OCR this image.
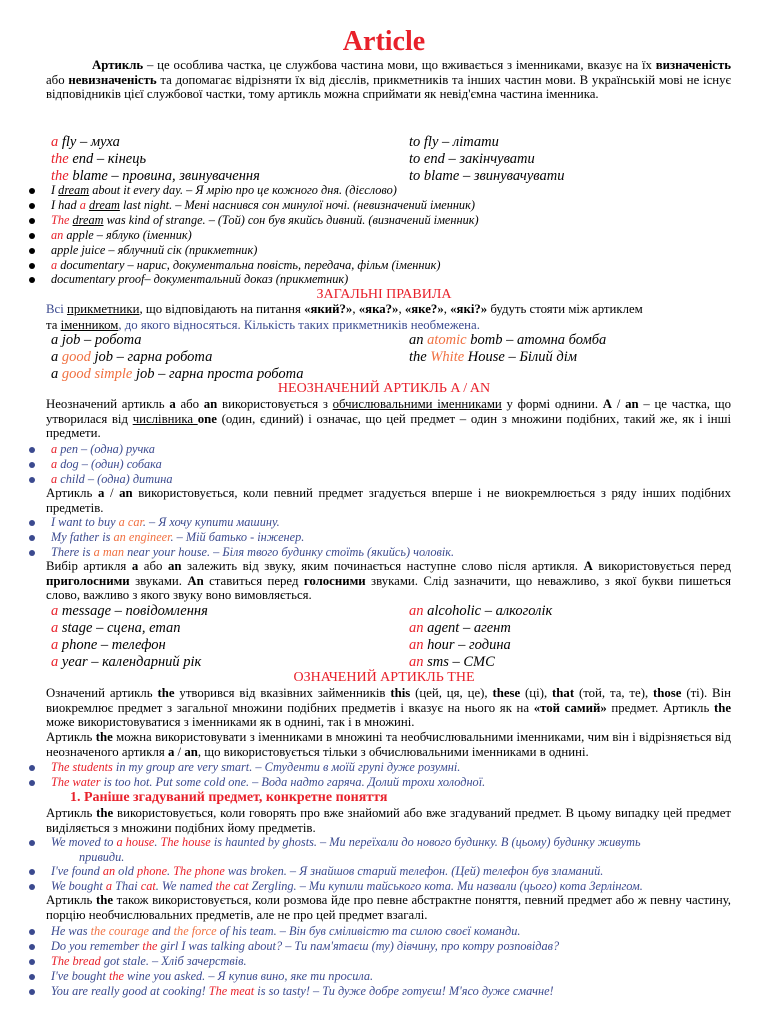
Article
Артикль – це особлива частка, це службова частина мови, що вживається з іменниками, вказує на їх визначеність або невизначеність та допомагає відрізняти їх від дієслів, прикметників та інших частин мови. В українській мові не існує відповідників цієї службової частки, тому артикль можна сприймати як невід'ємна частина іменника.
a fly – муха	to fly – літати
the end – кінець	to end – закінчувати
the blame – провина, звинувачення	to blame – звинувачувати
I dream about it every day. – Я мрію про це кожного дня. (дієслово)
I had a dream last night. – Мені наснився сон минулої ночі. (невизначений іменник)
The dream was kind of strange. – (Той) сон був якийсь дивний. (визначений іменник)
an apple – яблуко (іменник)
apple juice – яблучний сік (прикметник)
a documentary – нарис, документальна повість, передача, фільм (іменник)
documentary proof– документальний доказ (прикметник)
ЗАГАЛЬНІ ПРАВИЛА
Всі прикметники, що відповідають на питання «який?», «яка?», «яке?», «які?» будуть стояти між артиклем
та іменником, до якого відносяться. Кількість таких прикметників необмежена.
a job – робота	an atomic bomb – атомна бомба
a good job – гарна робота	the White House – Білий дім
a good simple job – гарна проста робота
НЕОЗНАЧЕНИЙ АРТИКЛЬ A / AN
Неозначений артикль a або an використовується з обчислювальними іменниками у формі однини. A / an – це частка, що утворилася від числівника one (один, єдиний) і означає, що цей предмет – один з множини подібних, такий же, як і інші предмети.
a pen – (одна) ручка
a dog – (один) собака
a child – (одна) дитина
Артикль a / an використовується, коли певний предмет згадується вперше і не виокремлюється з ряду інших подібних предметів.
I want to buy a car. – Я хочу купити машину.
My father is an engineer. – Мій батько - інженер.
There is a man near your house. – Біля твого будинку стоїть (якийсь) чоловік.
Вибір артикля a або an залежить від звуку, яким починається наступне слово після артикля. A використовується перед приголосними звуками. An ставиться перед голосними звуками. Слід зазначити, що неважливо, з якої букви пишеться слово, важливо з якого звуку воно вимовляється.
a message – повідомлення	an alcoholic – алкоголік
a stage – сцена, етап	an agent – агент
a phone – телефон	an hour – година
a year – календарний рік	an sms – СМС
ОЗНАЧЕНИЙ АРТИКЛЬ THE
Означений артикль the утворився від вказівних займенників this (цей, ця, це), these (ці), that (той, та, те), those (ті). Він виокремлює предмет з загальної множини подібних предметів і вказує на нього як на «той самий» предмет. Артикль the може використовуватися з іменниками як в однині, так і в множині.
Артикль the можна використовувати з іменниками в множині та необчислювальними іменниками, чим він і відрізняється від неозначеного артикля a / an, що використовується тільки з обчислювальними іменниками в однині.
The students in my group are very smart. – Студенти в моїй групі дуже розумні.
The water is too hot. Put some cold one. – Вода надто гаряча. Долий трохи холодної.
1. Раніше згадуваний предмет, конкретне поняття
Артикль the використовується, коли говорять про вже знайомий або вже згадуваний предмет. В цьому випадку цей предмет виділяється з множини подібних йому предметів.
We moved to a house. The house is haunted by ghosts. – Ми переїхали до нового будинку. В (цьому) будинку живуть
привиди.
I've found an old phone. The phone was broken. – Я знайшов старий телефон. (Цей) телефон був зламаний.
We bought a Thai cat. We named the cat Zergling. – Ми купили тайського кота. Ми назвали (цього) кота Зерлінгом.
Артикль the також використовується, коли розмова йде про певне абстрактне поняття, певний предмет або ж певну частину, порцію необчислювальних предметів, але не про цей предмет взагалі.
He was the courage and the force of his team. – Він був сміливістю та силою своєї команди.
Do you remember the girl I was talking about? – Ти пам'ятаєш (ту) дівчину, про котру розповідав?
The bread got stale. – Хліб зачерствів.
I've bought the wine you asked. – Я купив вино, яке ти просила.
You are really good at cooking! The meat is so tasty! – Ти дуже добре готуєш! М'ясо дуже смачне!
